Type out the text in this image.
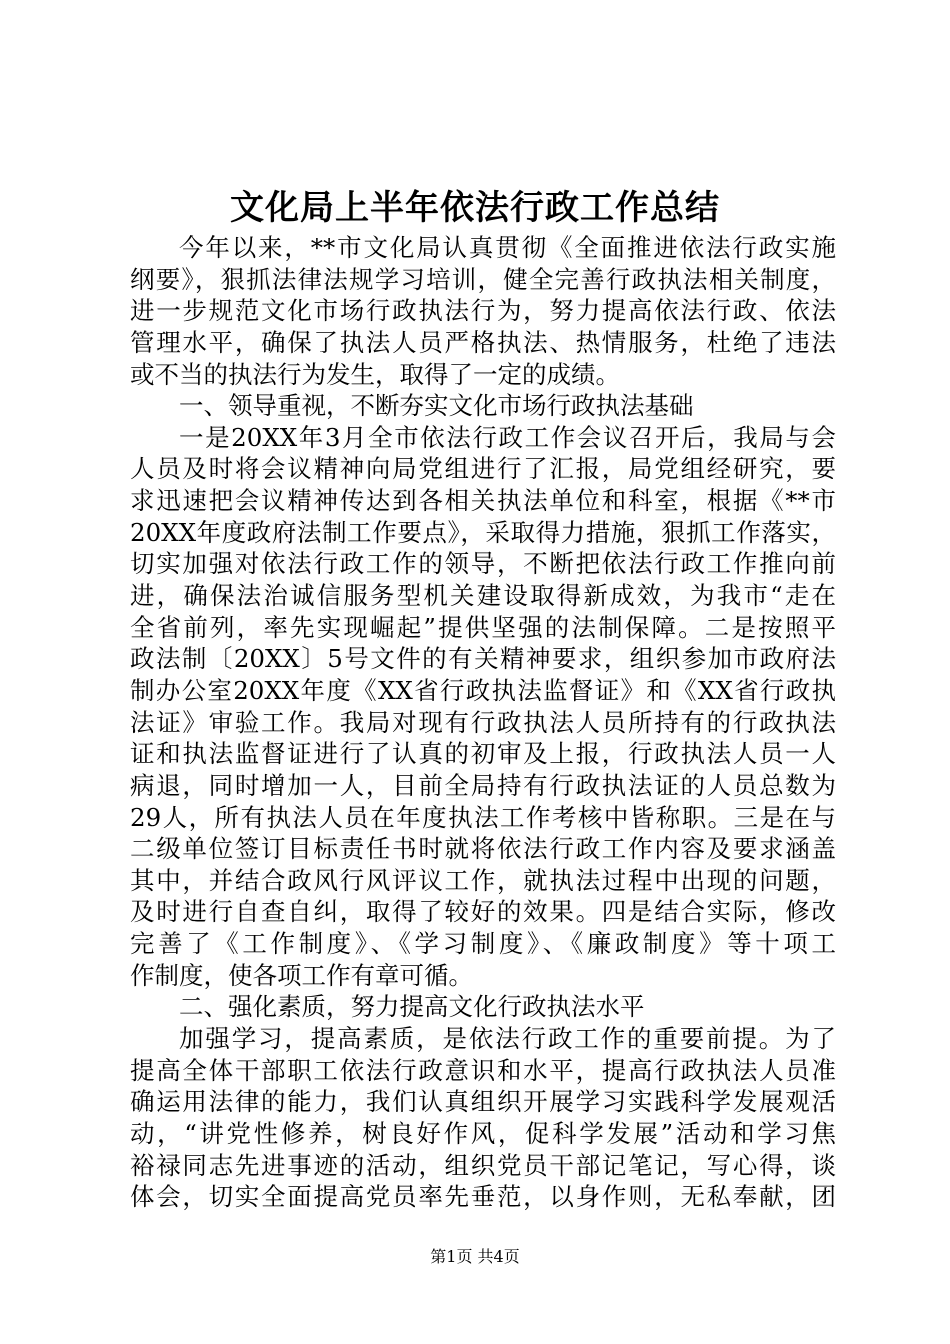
文化局上半年依法行政工作总结
今年以来，**市文化局认真贯彻《全面推进依法行政实施
纲要》，狠抓法律法规学习培训，健全完善行政执法相关制度，
进一步规范文化市场行政执法行为，努力提高依法行政、依法
管理水平，确保了执法人员严格执法、热情服务，杜绝了违法
或不当的执法行为发生，取得了一定的成绩。
一、领导重视，不断夯实文化市场行政执法基础
一是20XX年3月全市依法行政工作会议召开后，我局与会
人员及时将会议精神向局党组进行了汇报，局党组经研究，要
求迅速把会议精神传达到各相关执法单位和科室，根据《**市
20XX年度政府法制工作要点》，采取得力措施，狠抓工作落实，
切实加强对依法行政工作的领导，不断把依法行政工作推向前
进，确保法治诚信服务型机关建设取得新成效，为我市“走在
全省前列，率先实现崛起”提供坚强的法制保障。二是按照平
政法制〔20XX〕5号文件的有关精神要求，组织参加市政府法
制办公室20XX年度《XX省行政执法监督证》和《XX省行政执
法证》审验工作。我局对现有行政执法人员所持有的行政执法
证和执法监督证进行了认真的初审及上报，行政执法人员一人
病退，同时增加一人，目前全局持有行政执法证的人员总数为
29人，所有执法人员在年度执法工作考核中皆称职。三是在与
二级单位签订目标责任书时就将依法行政工作内容及要求涵盖
其中，并结合政风行风评议工作，就执法过程中出现的问题，
及时进行自查自纠，取得了较好的效果。四是结合实际，修改
完善了《工作制度》、《学习制度》、《廉政制度》等十项工
作制度，使各项工作有章可循。
二、强化素质，努力提高文化行政执法水平
加强学习，提高素质，是依法行政工作的重要前提。为了
提高全体干部职工依法行政意识和水平，提高行政执法人员准
确运用法律的能力，我们认真组织开展学习实践科学发展观活
动，“讲党性修养，树良好作风，促科学发展”活动和学习焦
裕禄同志先进事迹的活动，组织党员干部记笔记，写心得，谈
体会，切实全面提高党员率先垂范，以身作则，无私奉献，团
第1页 共4页
